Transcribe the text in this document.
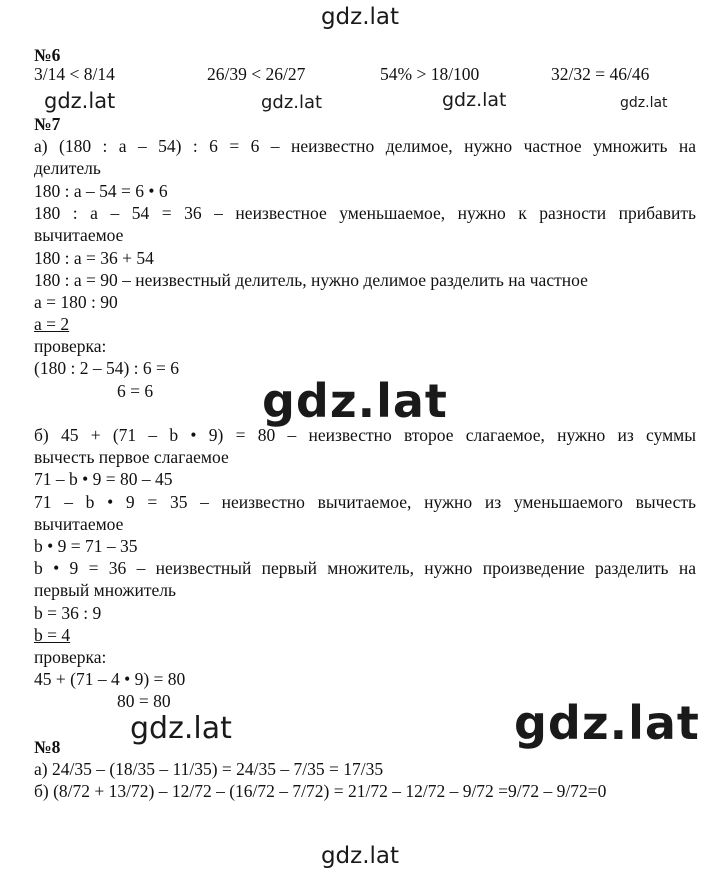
gdz.lat
gdz.lat	gdz.lat	gdz.lat	gdz.lat
gdz.lat
gdz.lat	gdz.lat
gdz.lat
№6
3/14 < 8/14	26/39 < 26/27	54% > 18/100	32/32 = 46/46
№7
а) (180 : а – 54) : 6 = 6 – неизвестно делимое, нужно частное умножить на
делитель
180 : a – 54 = 6 • 6
180 : а – 54 = 36 – неизвестное уменьшаемое, нужно к разности прибавить
вычитаемое
180 : a = 36 + 54
180 : a = 90 – неизвестный делитель, нужно делимое разделить на частное
a = 180 : 90
a = 2
проверка:
(180 : 2 – 54) : 6 = 6
6 = 6
б) 45 + (71 – b • 9) = 80 – неизвестно второе слагаемое, нужно из суммы
вычесть первое слагаемое
71 – b • 9 = 80 – 45
71 – b • 9 = 35 – неизвестно вычитаемое, нужно из уменьшаемого вычесть
вычитаемое
b • 9 = 71 – 35
b • 9 = 36 – неизвестный первый множитель, нужно произведение разделить на
первый множитель
b = 36 : 9
b = 4
проверка:
45 + (71 – 4 • 9) = 80
80 = 80
№8
а) 24/35 – (18/35 – 11/35) = 24/35 – 7/35 = 17/35
б) (8/72 + 13/72) – 12/72 – (16/72 – 7/72) = 21/72 – 12/72 – 9/72 =9/72 – 9/72=0
